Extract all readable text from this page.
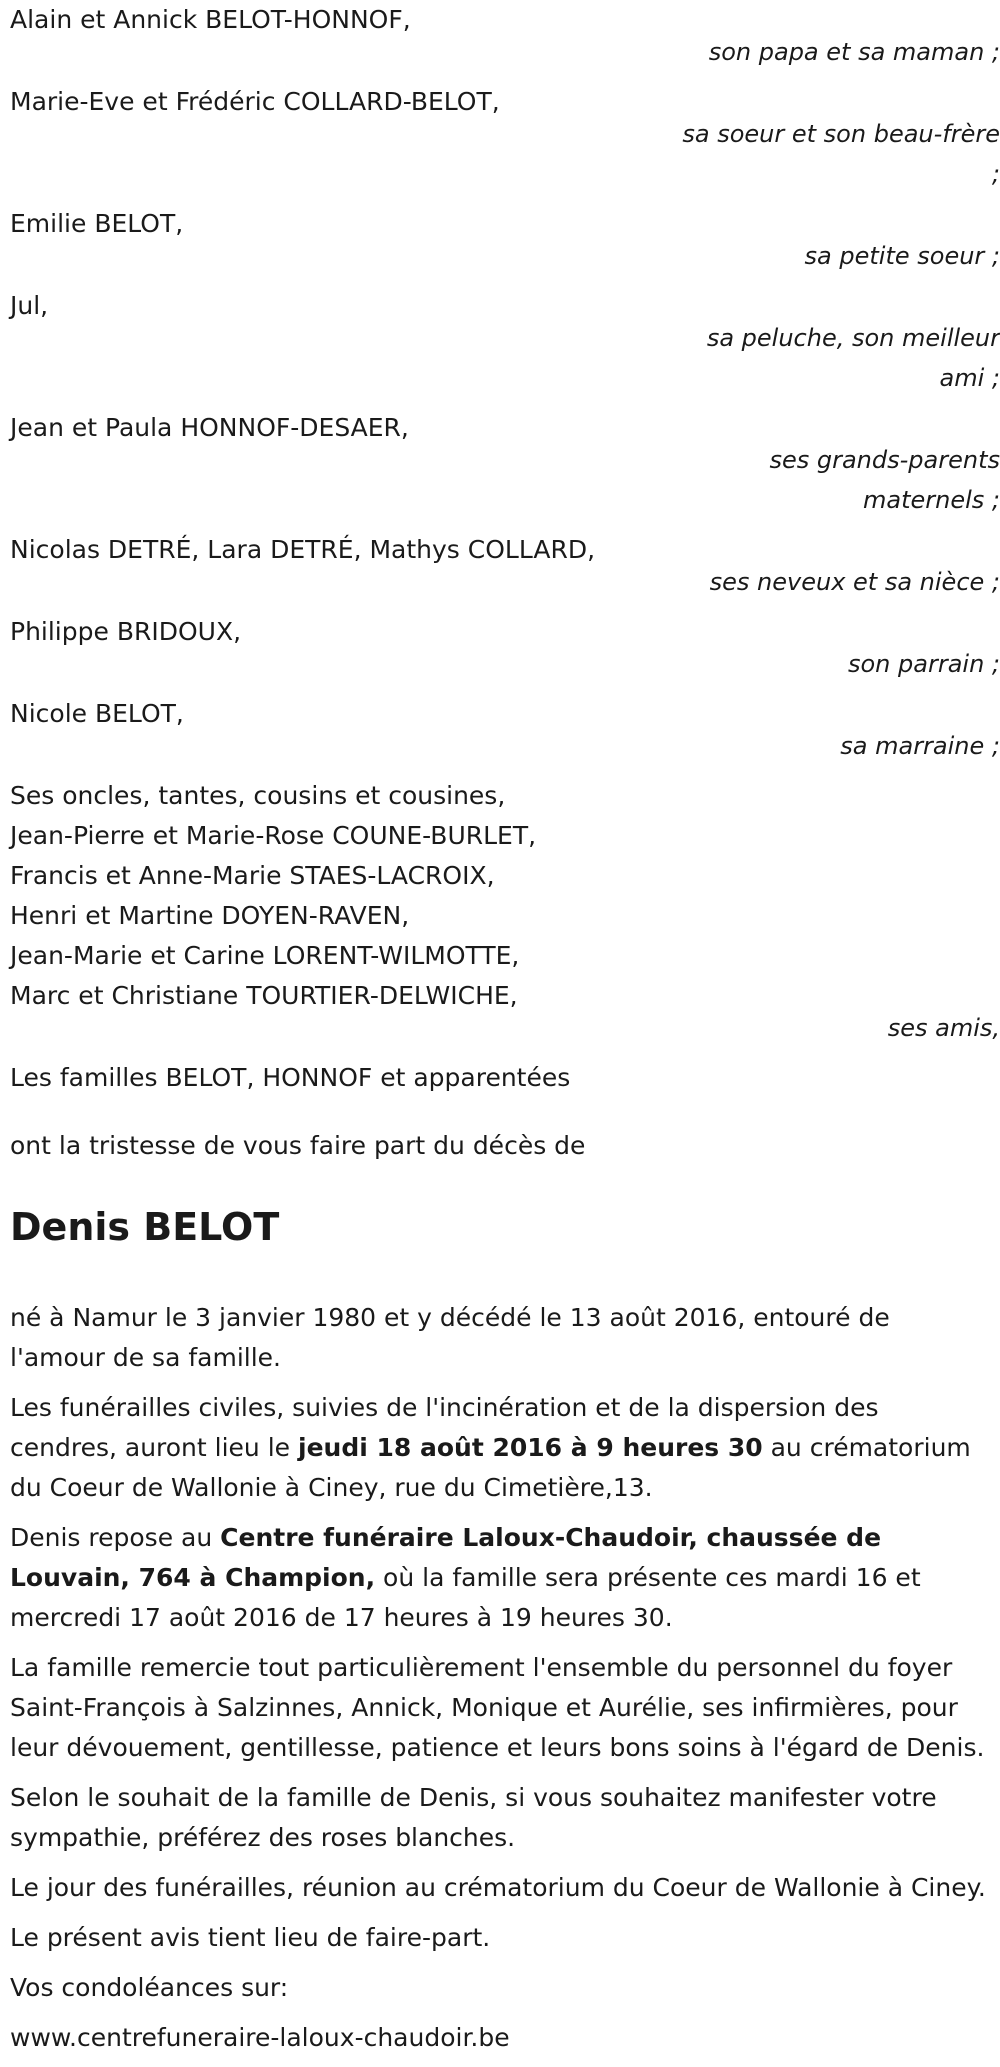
Alain et Annick BELOT-HONNOF,
son papa et sa maman ;
Marie-Eve et Frédéric COLLARD-BELOT,
sa soeur et son beau-frère ;
Emilie BELOT,
sa petite soeur ;
Jul,
sa peluche, son meilleur ami ;
Jean et Paula HONNOF-DESAER,
ses grands-parents maternels ;
Nicolas DETRÉ, Lara DETRÉ, Mathys COLLARD,
ses neveux et sa nièce ;
Philippe BRIDOUX,
son parrain ;
Nicole BELOT,
sa marraine ;
Ses oncles, tantes, cousins et cousines,
Jean-Pierre et Marie-Rose COUNE-BURLET,
Francis et Anne-Marie STAES-LACROIX,
Henri et Martine DOYEN-RAVEN,
Jean-Marie et Carine LORENT-WILMOTTE,
Marc et Christiane TOURTIER-DELWICHE,
ses amis,
Les familles BELOT, HONNOF et apparentées
ont la tristesse de vous faire part du décès de
Denis BELOT

né à Namur le 3 janvier 1980 et y décédé le 13 août 2016, entouré de l'amour de sa famille.

Les funérailles civiles, suivies de l'incinération et de la dispersion des cendres, auront lieu le jeudi 18 août 2016 à 9 heures 30 au crématorium du Coeur de Wallonie à Ciney, rue du Cimetière,13.

Denis repose au Centre funéraire Laloux-Chaudoir, chaussée de Louvain, 764 à Champion, où la famille sera présente ces mardi 16 et mercredi 17 août 2016 de 17 heures à 19 heures 30.

La famille remercie tout particulièrement l'ensemble du personnel du foyer Saint-François à Salzinnes, Annick, Monique et Aurélie, ses infirmières, pour leur dévouement, gentillesse, patience et leurs bons soins à l'égard de Denis.

Selon le souhait de la famille de Denis, si vous souhaitez manifester votre sympathie, préférez des roses blanches.

Le jour des funérailles, réunion au crématorium du Coeur de Wallonie à Ciney.

Le présent avis tient lieu de faire-part.

Vos condoléances sur:

www.centrefuneraire-laloux-chaudoir.be
